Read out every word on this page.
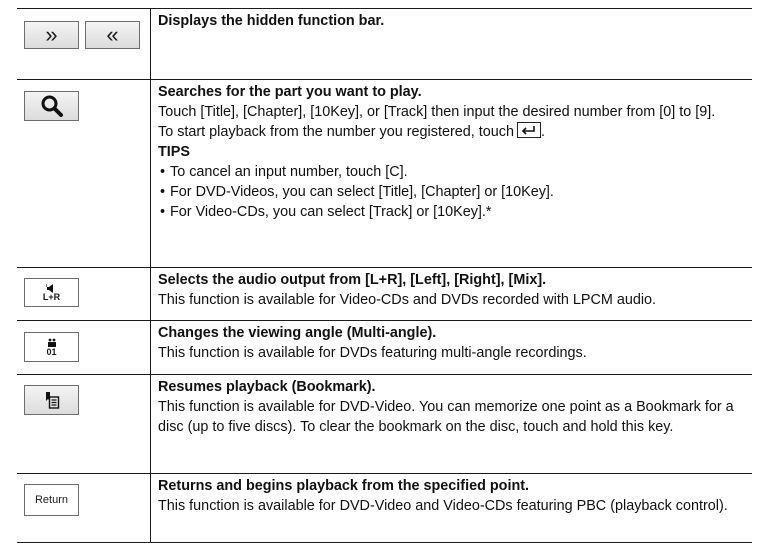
» «

Displays the hidden function bar.

Searches for the part you want to play.

Touch [Title], [Chapter], [10Key], or [Track] then input the desired number from [0] to [9].

To start playback from the number you registered, touch .

TIPS

• To cancel an input number, touch [C].

• For DVD-Videos, you can select [Title], [Chapter] or [10Key].

• For Video-CDs, you can select [Track] or [10Key].*

L+R

Selects the audio output from [L+R], [Left], [Right], [Mix].

This function is available for Video-CDs and DVDs recorded with LPCM audio.

01

Changes the viewing angle (Multi-angle).

This function is available for DVDs featuring multi-angle recordings.

Resumes playback (Bookmark).

This function is available for DVD-Video. You can memorize one point as a Bookmark for a disc (up to five discs). To clear the bookmark on the disc, touch and hold this key.

Return

Returns and begins playback from the specified point.

This function is available for DVD-Video and Video-CDs featuring PBC (playback control).
